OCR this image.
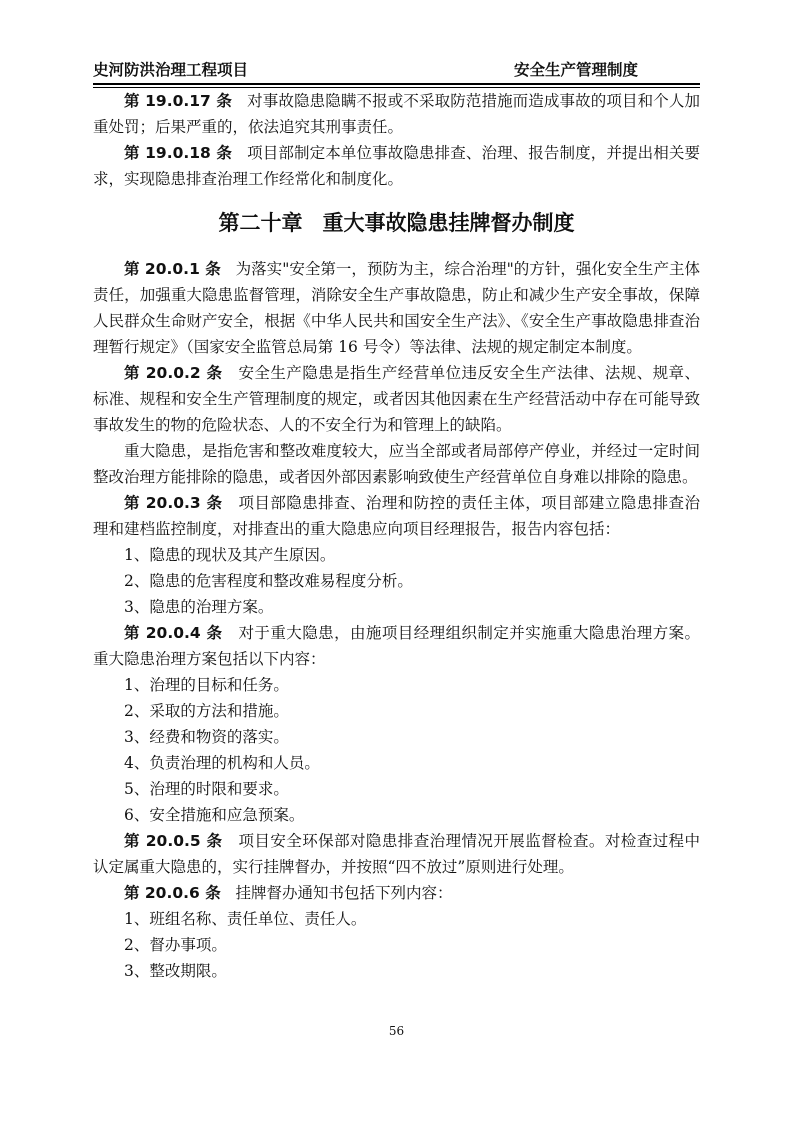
史河防洪治理工程项目	安全生产管理制度

第 19.0.17 条 对事故隐患隐瞒不报或不采取防范措施而造成事故的项目和个人加重处罚；后果严重的，依法追究其刑事责任。

第 19.0.18 条 项目部制定本单位事故隐患排查、治理、报告制度，并提出相关要求，实现隐患排查治理工作经常化和制度化。

第二十章 重大事故隐患挂牌督办制度

第 20.0.1 条 为落实"安全第一，预防为主，综合治理"的方针，强化安全生产主体责任，加强重大隐患监督管理，消除安全生产事故隐患，防止和减少生产安全事故，保障人民群众生命财产安全，根据《中华人民共和国安全生产法》、《安全生产事故隐患排查治理暂行规定》（国家安全监管总局第 16 号令）等法律、法规的规定制定本制度。

第 20.0.2 条 安全生产隐患是指生产经营单位违反安全生产法律、法规、规章、标准、规程和安全生产管理制度的规定，或者因其他因素在生产经营活动中存在可能导致事故发生的物的危险状态、人的不安全行为和管理上的缺陷。

重大隐患，是指危害和整改难度较大，应当全部或者局部停产停业，并经过一定时间整改治理方能排除的隐患，或者因外部因素影响致使生产经营单位自身难以排除的隐患。

第 20.0.3 条 项目部隐患排查、治理和防控的责任主体，项目部建立隐患排查治理和建档监控制度，对排查出的重大隐患应向项目经理报告，报告内容包括：

1、隐患的现状及其产生原因。

2、隐患的危害程度和整改难易程度分析。

3、隐患的治理方案。

第 20.0.4 条 对于重大隐患，由施项目经理组织制定并实施重大隐患治理方案。重大隐患治理方案包括以下内容：

1、治理的目标和任务。

2、采取的方法和措施。

3、经费和物资的落实。

4、负责治理的机构和人员。

5、治理的时限和要求。

6、安全措施和应急预案。

第 20.0.5 条 项目安全环保部对隐患排查治理情况开展监督检查。对检查过程中认定属重大隐患的，实行挂牌督办，并按照“四不放过”原则进行处理。

第 20.0.6 条 挂牌督办通知书包括下列内容：

1、班组名称、责任单位、责任人。

2、督办事项。

3、整改期限。

56
